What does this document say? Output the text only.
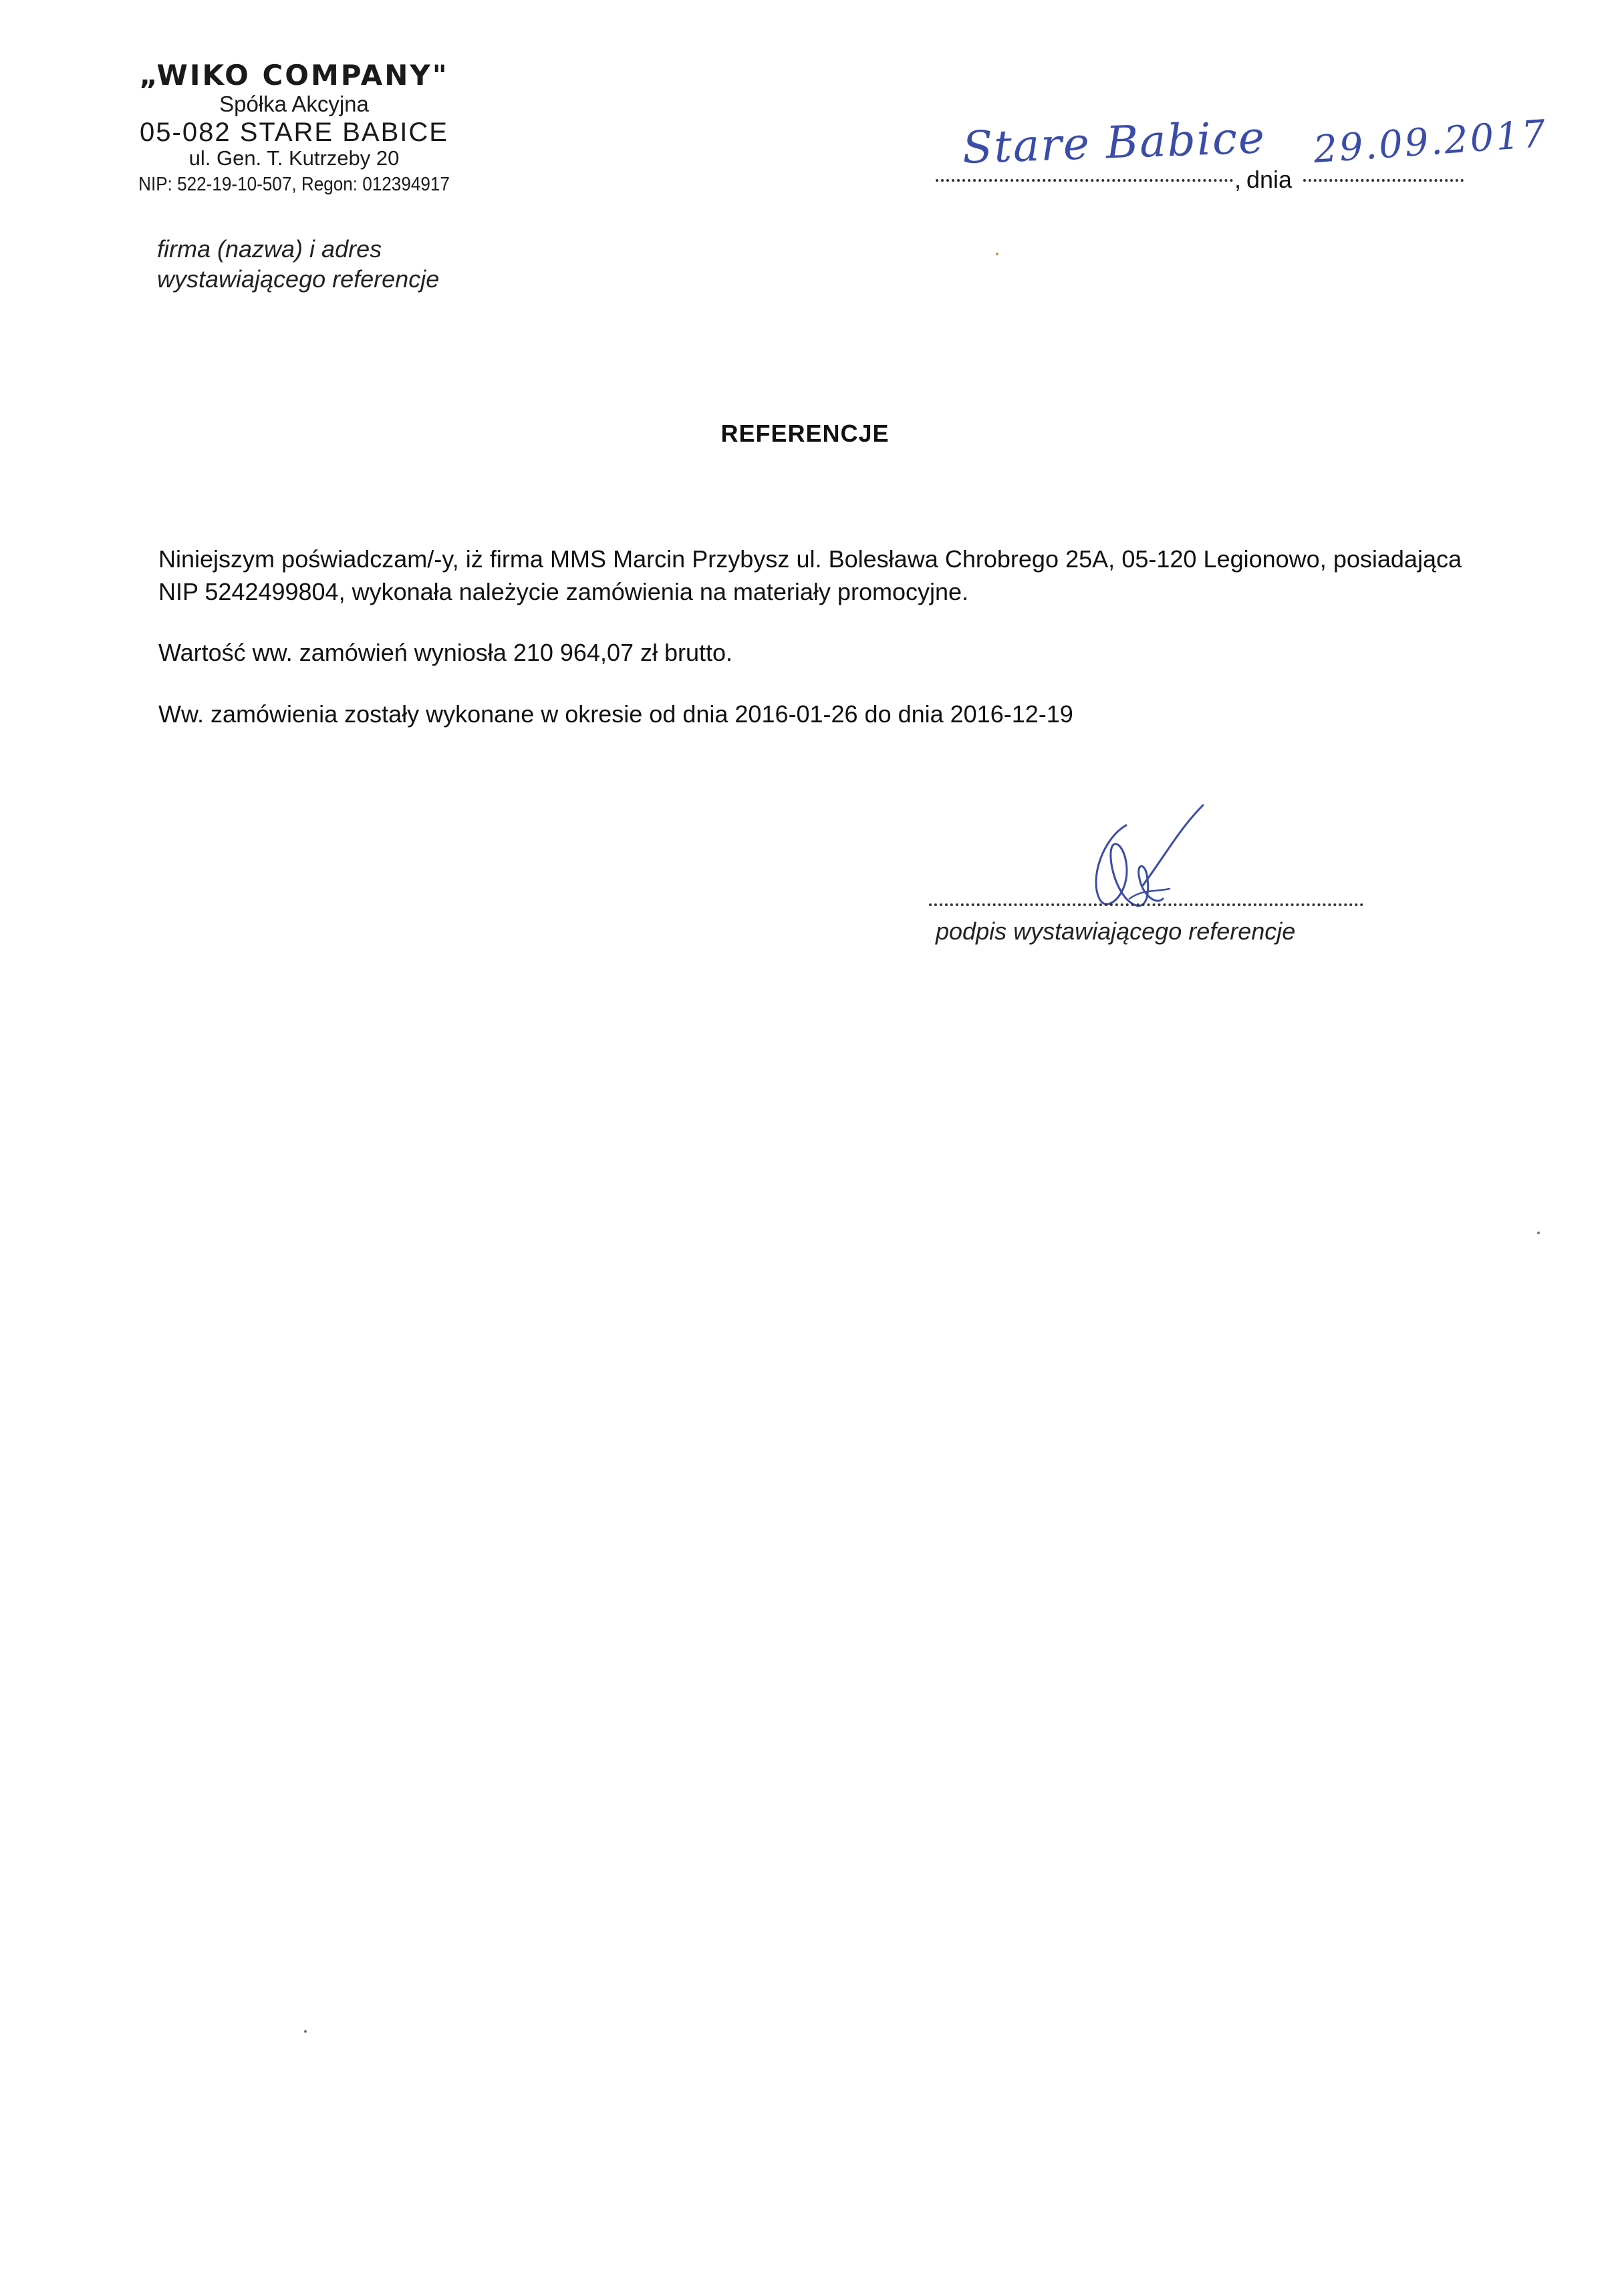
„WIKO COMPANY"
Spółka Akcyjna
05-082 STARE BABICE
ul. Gen. T. Kutrzeby 20
NIP: 522-19-10-507, Regon: 012394917
firma (nazwa) i adres
wystawiającego referencje
, dnia
Stare Babice 29.09.2017
REFERENCJE
Niniejszym poświadczam/-y, iż firma MMS Marcin Przybysz ul. Bolesława Chrobrego 25A, 05-120 Legionowo, posiadająca NIP 5242499804, wykonała należycie zamówienia na materiały promocyjne.
Wartość ww. zamówień wyniosła 210 964,07 zł brutto.
Ww. zamówienia zostały wykonane w okresie od dnia 2016-01-26 do dnia 2016-12-19
podpis wystawiającego referencje
